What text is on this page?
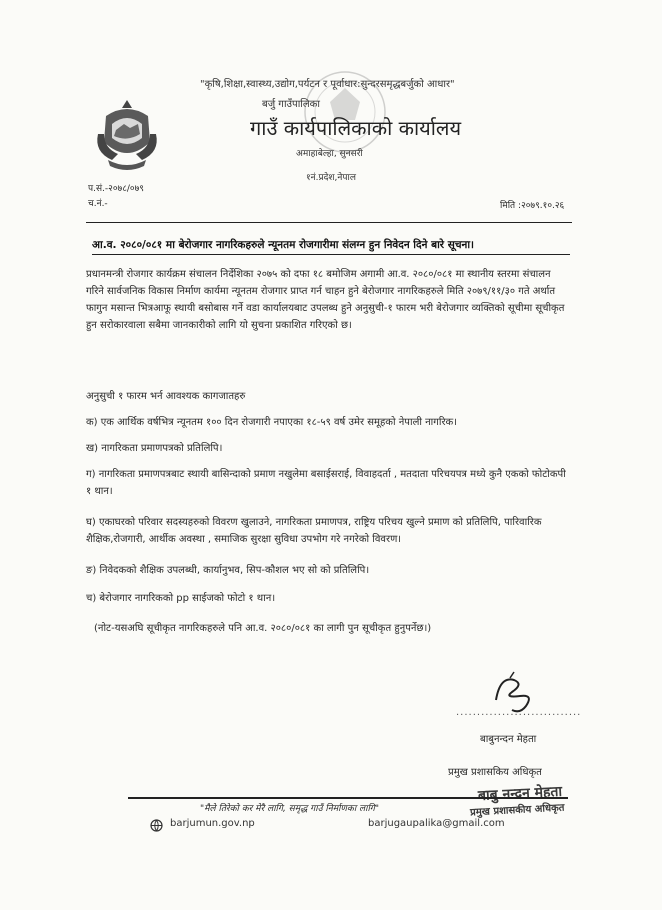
"कृषि,शिक्षा,स्वास्थ्य,उद्योग,पर्यटन र पूर्वाधार:सुन्दरसमृद्धबर्जुको आधार"
बर्जु गाउँपालिका
गाउँ कार्यपालिकाको कार्यालय
अमाहाबेल्हा, सुनसरी
१नं.प्रदेश,नेपाल
प.सं.-२०७८/०७९
च.नं.-	मिति :२०७९.१०.२६
आ.व. २०८०/०८१ मा बेरोजगार नागरिकहरुले न्यूनतम रोजगारीमा संलग्न हुन निवेदन दिने बारे सूचना।
प्रधानमन्त्री रोजगार कार्यक्रम संचालन निर्देशिका २०७५ को दफा १८ बमोजिम अगामी आ.व. २०८०/०८१ मा स्थानीय स्तरमा संचालन गरिने सार्वजनिक विकास निर्माण कार्यमा न्यूनतम रोजगार प्राप्त गर्न चाहन हुने बेरोजगार नागरिकहरुले मिति २०७९/११/३० गते अर्थात फागुन मसान्त भित्रआफू स्थायी बसोबास गर्ने वडा कार्यालयबाट उपलब्ध हुने अनुसुची-१ फारम भरी बेरोजगार व्यक्तिको सूचीमा सूचीकृत हुन सरोकारवाला सबैमा जानकारीको लागि यो सुचना प्रकाशित गरिएको छ।
अनुसुची १ फारम भर्न आवश्यक कागजातहरु
क) एक आर्थिक वर्षभित्र न्यूनतम १०० दिन रोजगारी नपाएका १८-५९ वर्ष उमेर समूहको नेपाली नागरिक।
ख) नागरिकता प्रमाणपत्रको प्रतिलिपि।
ग) नागरिकता प्रमाणपत्रबाट स्थायी बासिन्दाको प्रमाण नखुलेमा बसाईसराई, विवाहदर्ता , मतदाता परिचयपत्र मध्ये कुनै एकको फोटोकपी १ थान।
घ) एकाघरको परिवार सदस्यहरुको विवरण खुलाउने, नागरिकता प्रमाणपत्र, राष्ट्रिय परिचय खुल्ने प्रमाण को प्रतिलिपि, पारिवारिक शैक्षिक,रोजगारी, आर्थीक अवस्था , समाजिक सुरक्षा सुविधा उपभोग गरे नगरेको विवरण।
ङ) निवेदकको शैक्षिक उपलब्धी, कार्यानुभव, सिप-कौशल भए सो को प्रतिलिपि।
च) बेरोजगार नागरिकको pp साईजको फोटो १ थान।
(नोट-यसअघि सूचीकृत नागरिकहरुले पनि आ.व. २०८०/०८१ का लागी पुन सूचीकृत हुनुपर्नेछ।)
..............................
बाबुनन्दन मेहता
प्रमुख प्रशासकिय अधिकृत
बाबु नन्दन मेहता
प्रमुख प्रशासकीय अधिकृत
"मैले तिरेको कर मेरै लागि, समृद्ध गाउँ निर्माणका लागि"
barjumun.gov.np	barjugaupalika@gmail.com
